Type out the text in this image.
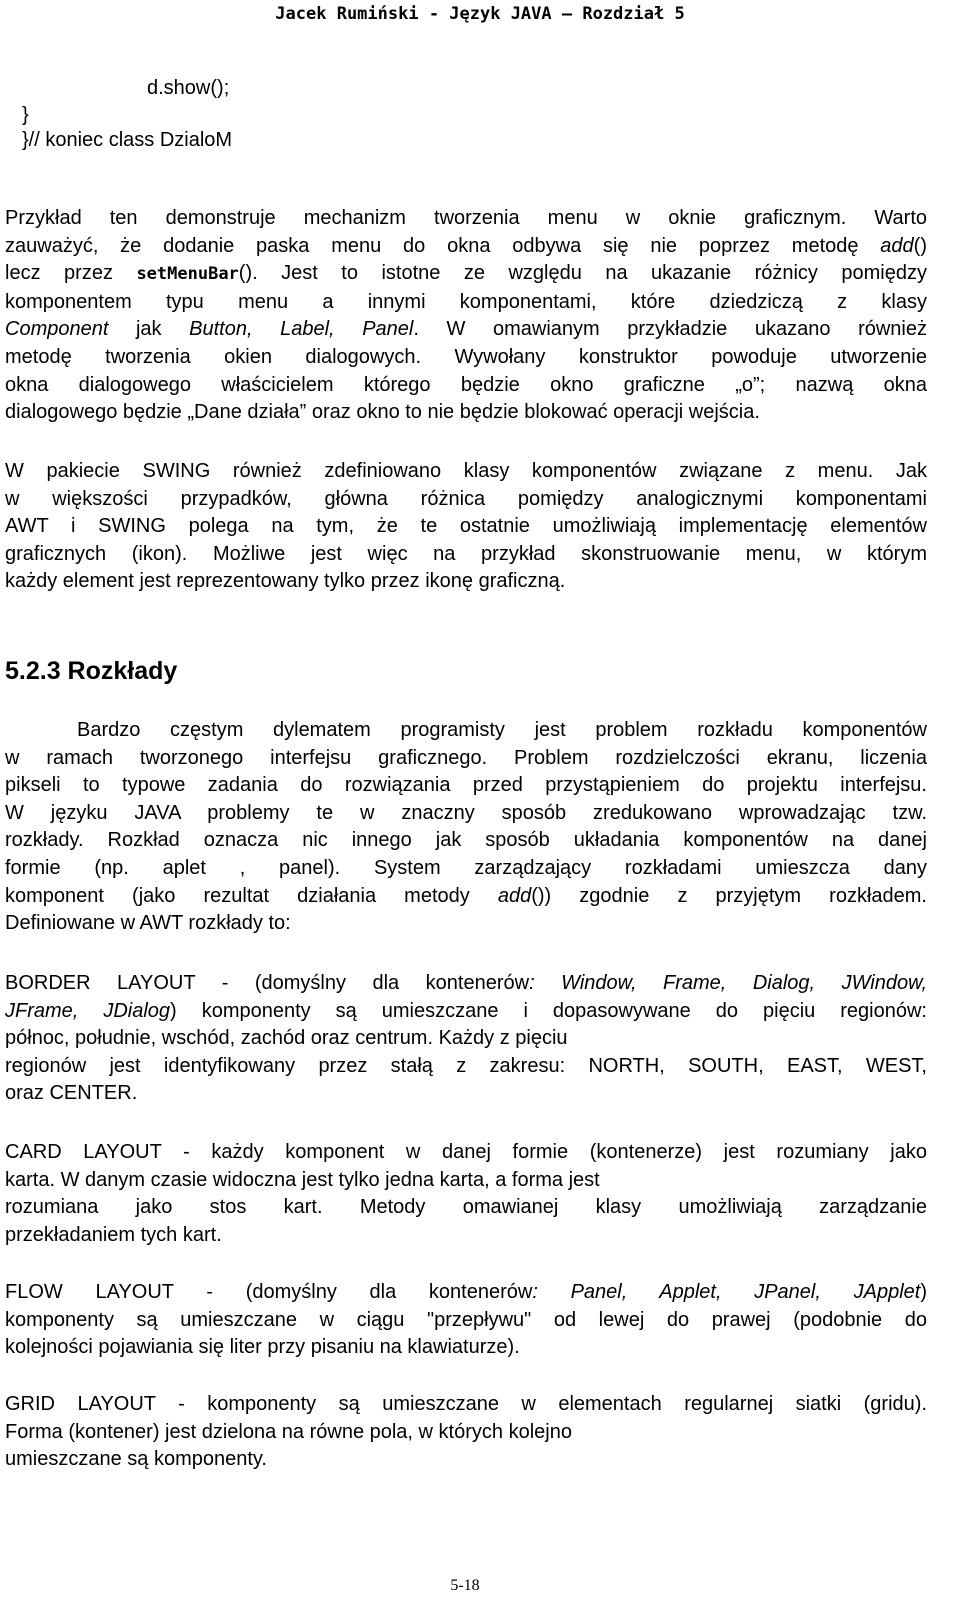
Jacek Rumiński - Język JAVA – Rozdział 5
d.show();
}
}// koniec class DzialoM
Przykład ten demonstruje mechanizm tworzenia menu w oknie graficznym. Warto
zauważyć, że dodanie paska menu do okna odbywa się nie poprzez metodę add()
lecz przez setMenuBar(). Jest to istotne ze względu na ukazanie różnicy pomiędzy
komponentem typu menu a innymi komponentami, które dziedziczą z klasy
Component jak Button, Label, Panel. W omawianym przykładzie ukazano również
metodę tworzenia okien dialogowych. Wywołany konstruktor powoduje utworzenie
okna dialogowego właścicielem którego będzie okno graficzne „o”; nazwą okna
dialogowego będzie „Dane działa” oraz okno to nie będzie blokować operacji wejścia.
W pakiecie SWING również zdefiniowano klasy komponentów związane z menu. Jak
w większości przypadków, główna różnica pomiędzy analogicznymi komponentami
AWT i SWING polega na tym, że te ostatnie umożliwiają implementację elementów
graficznych (ikon). Możliwe jest więc na przykład skonstruowanie menu, w którym
każdy element jest reprezentowany tylko przez ikonę graficzną.
5.2.3 Rozkłady
Bardzo częstym dylematem programisty jest problem rozkładu komponentów
w ramach tworzonego interfejsu graficznego. Problem rozdzielczości ekranu, liczenia
pikseli to typowe zadania do rozwiązania przed przystąpieniem do projektu interfejsu.
W języku JAVA problemy te w znaczny sposób zredukowano wprowadzając tzw.
rozkłady. Rozkład oznacza nic innego jak sposób układania komponentów na danej
formie (np. aplet , panel). System zarządzający rozkładami umieszcza dany
komponent (jako rezultat działania metody add()) zgodnie z przyjętym rozkładem.
Definiowane w AWT rozkłady to:
BORDER LAYOUT - (domyślny dla kontenerów: Window, Frame, Dialog, JWindow,
JFrame, JDialog) komponenty są umieszczane i dopasowywane do pięciu regionów:
północ, południe, wschód, zachód oraz centrum. Każdy z pięciu
regionów jest identyfikowany przez stałą z zakresu: NORTH, SOUTH, EAST, WEST,
oraz CENTER.
CARD LAYOUT - każdy komponent w danej formie (kontenerze) jest rozumiany jako
karta. W danym czasie widoczna jest tylko jedna karta, a forma jest
rozumiana jako stos kart. Metody omawianej klasy umożliwiają zarządzanie
przekładaniem tych kart.
FLOW LAYOUT - (domyślny dla kontenerów: Panel, Applet, JPanel, JApplet)
komponenty są umieszczane w ciągu "przepływu" od lewej do prawej (podobnie do
kolejności pojawiania się liter przy pisaniu na klawiaturze).
GRID LAYOUT - komponenty są umieszczane w elementach regularnej siatki (gridu).
Forma (kontener) jest dzielona na równe pola, w których kolejno
umieszczane są komponenty.
5-18
